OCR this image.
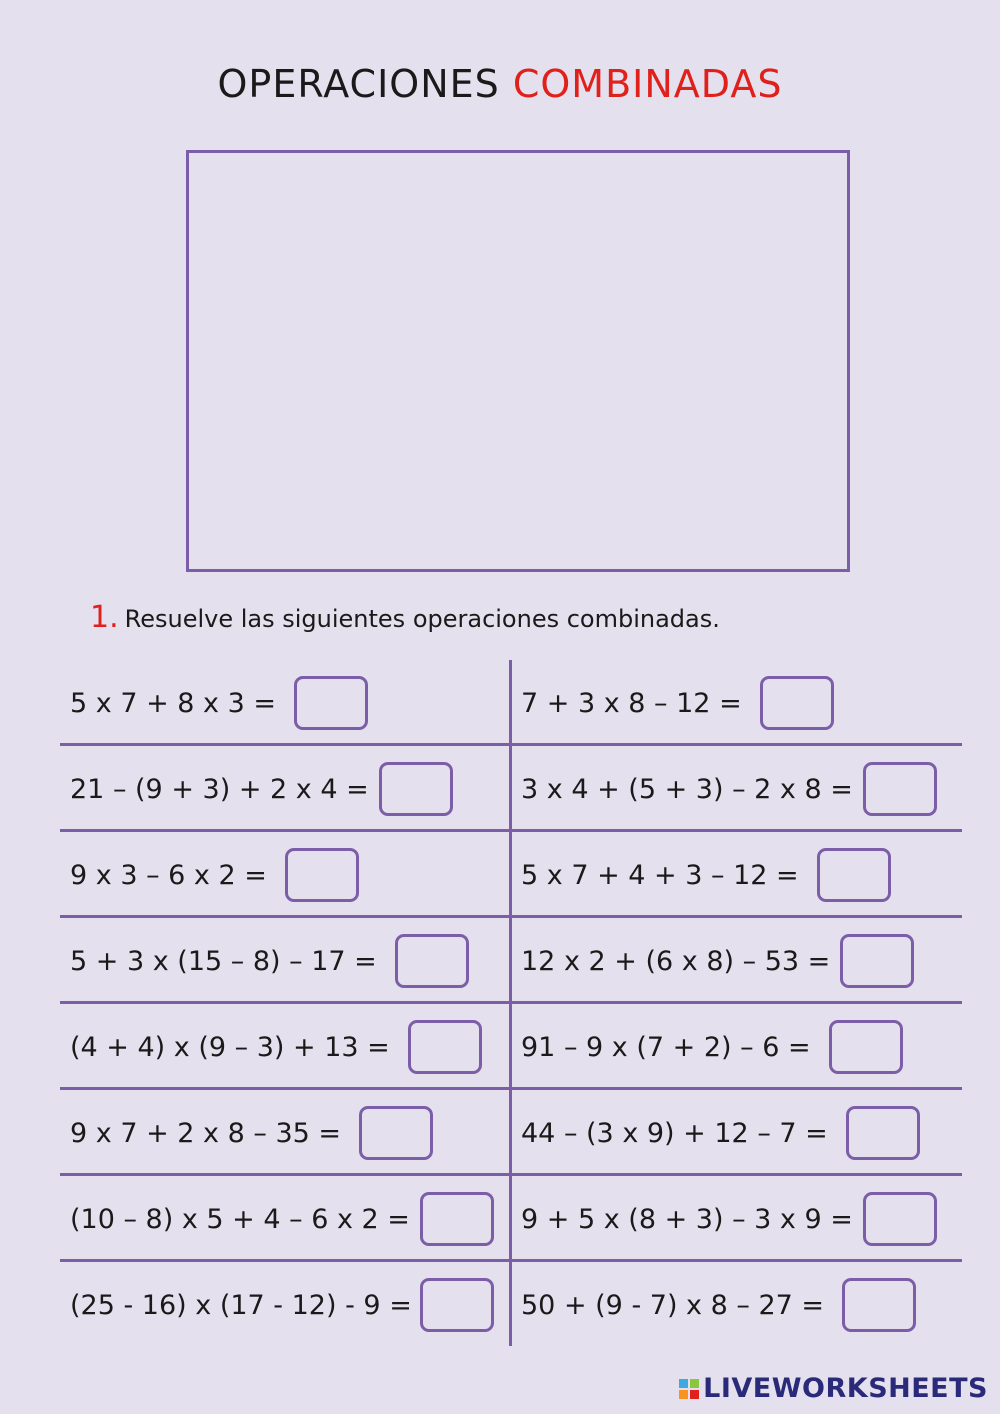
OPERACIONES COMBINADAS
1. Resuelve las siguientes operaciones combinadas.
5 x 7 + 8 x 3 =
21 – (9 + 3) + 2 x 4 =
9 x 3 – 6 x 2 =
5 + 3 x (15 – 8) – 17 =
(4 + 4) x (9 – 3) + 13 =
9 x 7 + 2 x 8 – 35 =
(10 – 8) x 5 + 4 – 6 x 2 =
(25 - 16) x (17 - 12) - 9 =
7 + 3 x 8 – 12 =
3 x 4 + (5 + 3) – 2 x 8 =
5 x 7 + 4 + 3 – 12 =
12 x 2 + (6 x 8) – 53 =
91 – 9 x (7 + 2) – 6 =
44 – (3 x 9) + 12 – 7 =
9 + 5 x (8 + 3) – 3 x 9 =
50 + (9 - 7) x 8 – 27 =
LIVEWORKSHEETS
